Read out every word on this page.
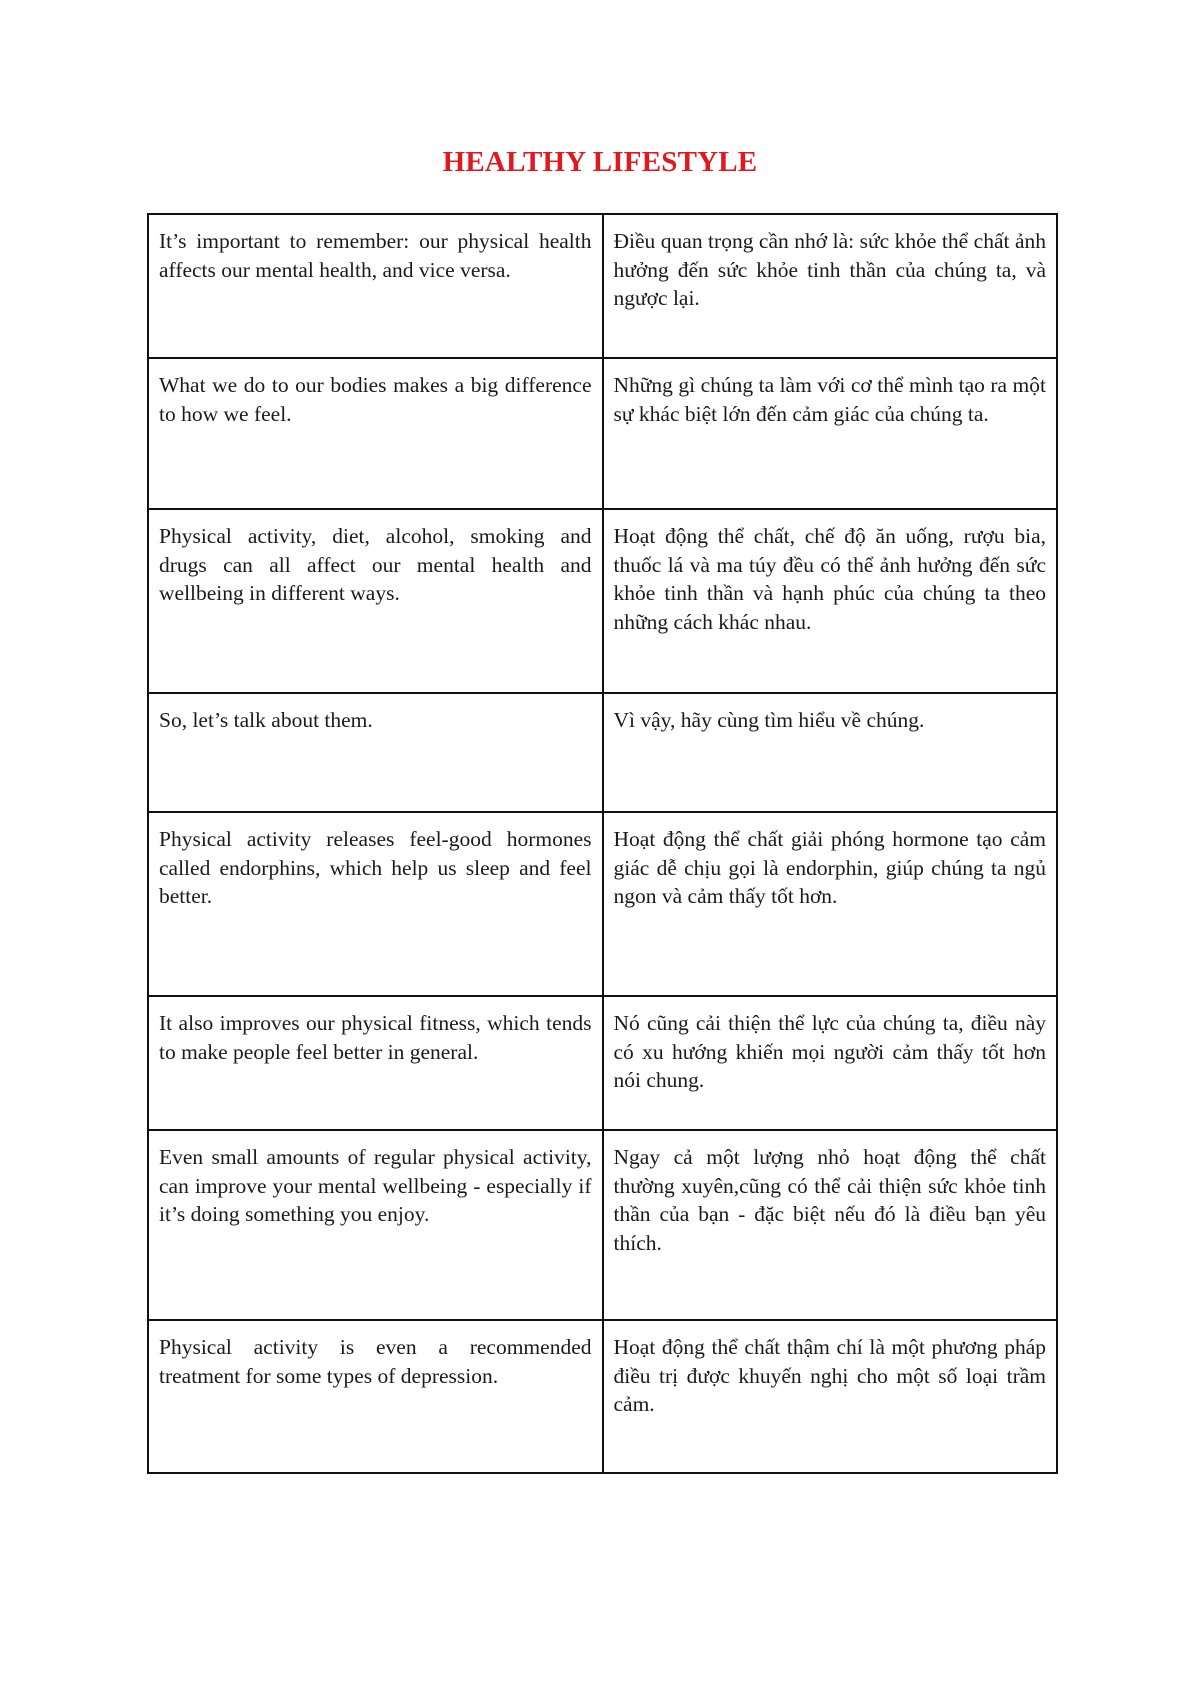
HEALTHY LIFESTYLE
It’s important to remember: our physical health affects our mental health, and vice versa.	Điều quan trọng cần nhớ là: sức khỏe thể chất ảnh hưởng đến sức khỏe tinh thần của chúng ta, và ngược lại.
What we do to our bodies makes a big difference to how we feel.	Những gì chúng ta làm với cơ thể mình tạo ra một sự khác biệt lớn đến cảm giác của chúng ta.
Physical activity, diet, alcohol, smoking and drugs can all affect our mental health and wellbeing in different ways.	Hoạt động thể chất, chế độ ăn uống, rượu bia, thuốc lá và ma túy đều có thể ảnh hưởng đến sức khỏe tinh thần và hạnh phúc của chúng ta theo những cách khác nhau.
So, let’s talk about them.	Vì vậy, hãy cùng tìm hiểu về chúng.
Physical activity releases feel-good hormones called endorphins, which help us sleep and feel better.	Hoạt động thể chất giải phóng hormone tạo cảm giác dễ chịu gọi là endorphin, giúp chúng ta ngủ ngon và cảm thấy tốt hơn.
It also improves our physical fitness, which tends to make people feel better in general.	Nó cũng cải thiện thể lực của chúng ta, điều này có xu hướng khiến mọi người cảm thấy tốt hơn nói chung.
Even small amounts of regular physical activity, can improve your mental wellbeing - especially if it’s doing something you enjoy.	Ngay cả một lượng nhỏ hoạt động thể chất thường xuyên,cũng có thể cải thiện sức khỏe tinh thần của bạn - đặc biệt nếu đó là điều bạn yêu thích.
Physical activity is even a recommended treatment for some types of depression.	Hoạt động thể chất thậm chí là một phương pháp điều trị được khuyến nghị cho một số loại trầm cảm.
